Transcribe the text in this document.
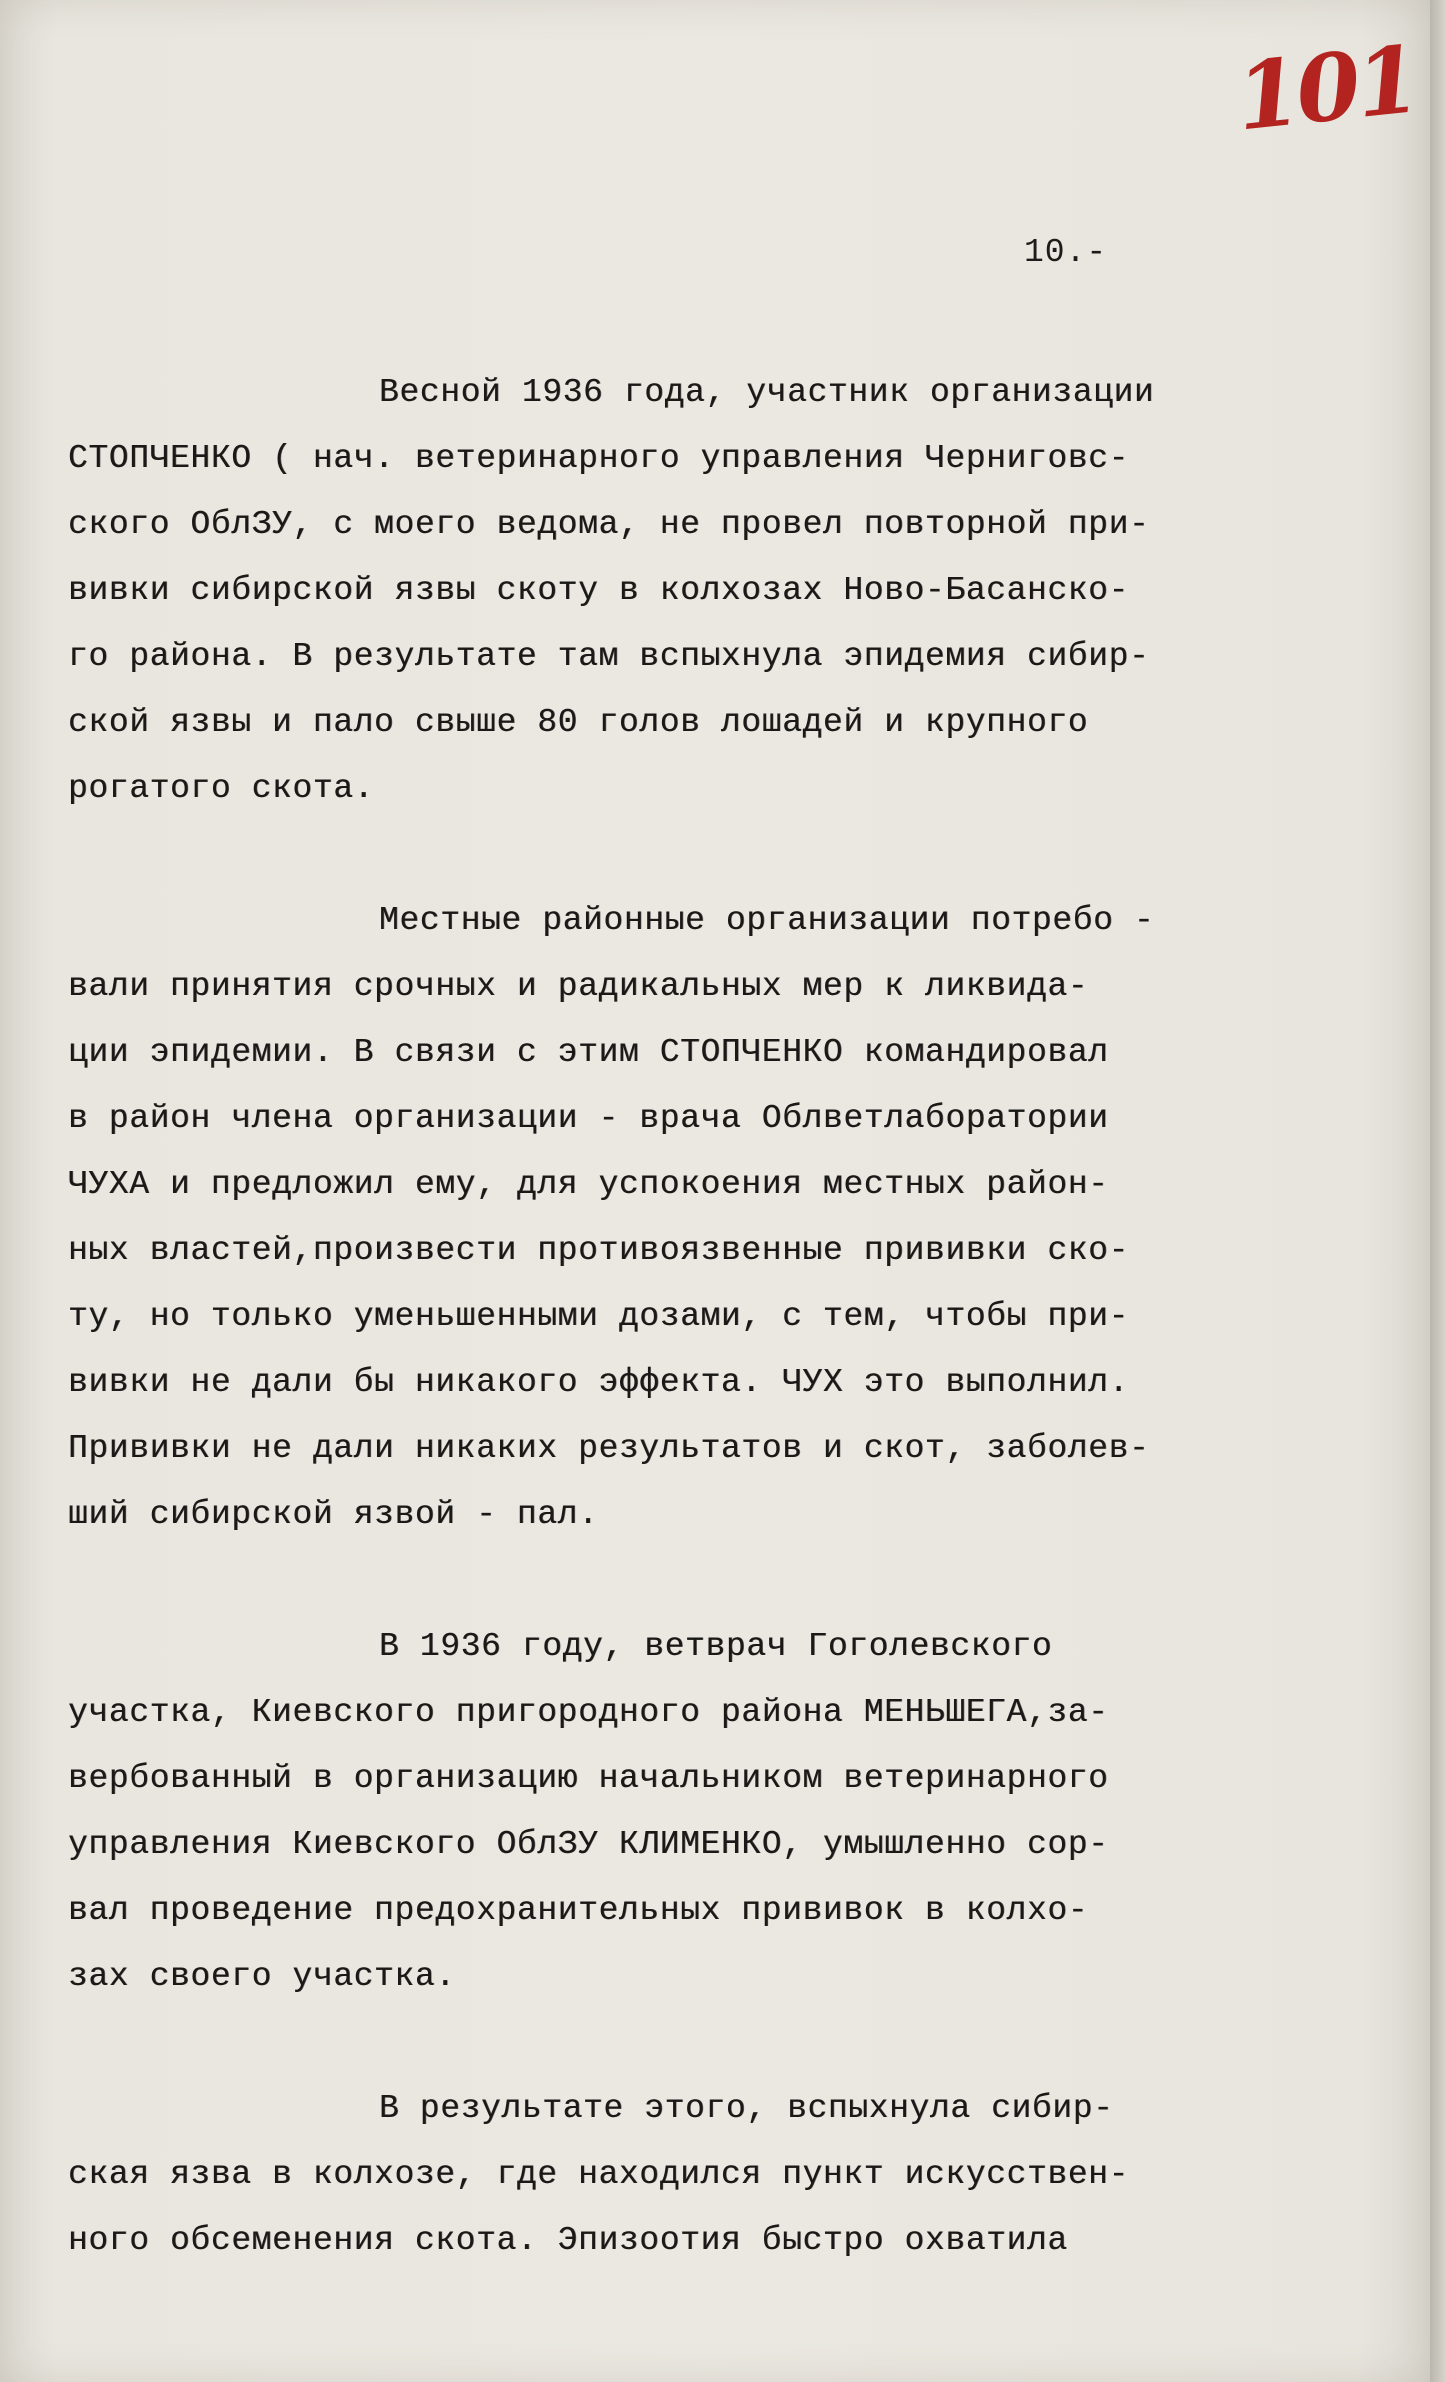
101
10.-
Весной 1936 года, участник организации
СТОПЧЕНКО ( нач. ветеринарного управления Черниговс-
ского ОблЗУ, с моего ведома, не провел повторной при-
вивки сибирской язвы скоту в колхозах Ново-Басанско-
го района. В результате там вспыхнула эпидемия сибир-
ской язвы и пало свыше 80 голов лошадей и крупного
рогатого скота.
Местные районные организации потребо -
вали принятия срочных и радикальных мер к ликвида-
ции эпидемии. В связи с этим СТОПЧЕНКО командировал
в район члена организации - врача Облветлаборатории
ЧУХА и предложил ему, для успокоения местных район-
ных властей,произвести противоязвенные прививки ско-
ту, но только уменьшенными дозами, с тем, чтобы при-
вивки не дали бы никакого эффекта. ЧУХ это выполнил.
Прививки не дали никаких результатов и скот, заболев-
ший сибирской язвой - пал.
В 1936 году, ветврач Гоголевского
участка, Киевского пригородного района МЕНЬШЕГА,за-
вербованный в организацию начальником ветеринарного
управления Киевского ОблЗУ КЛИМЕНКО, умышленно сор-
вал проведение предохранительных прививок в колхо-
зах своего участка.
В результате этого, вспыхнула сибир-
ская язва в колхозе, где находился пункт искусствен-
ного обсеменения скота. Эпизоотия быстро охватила
